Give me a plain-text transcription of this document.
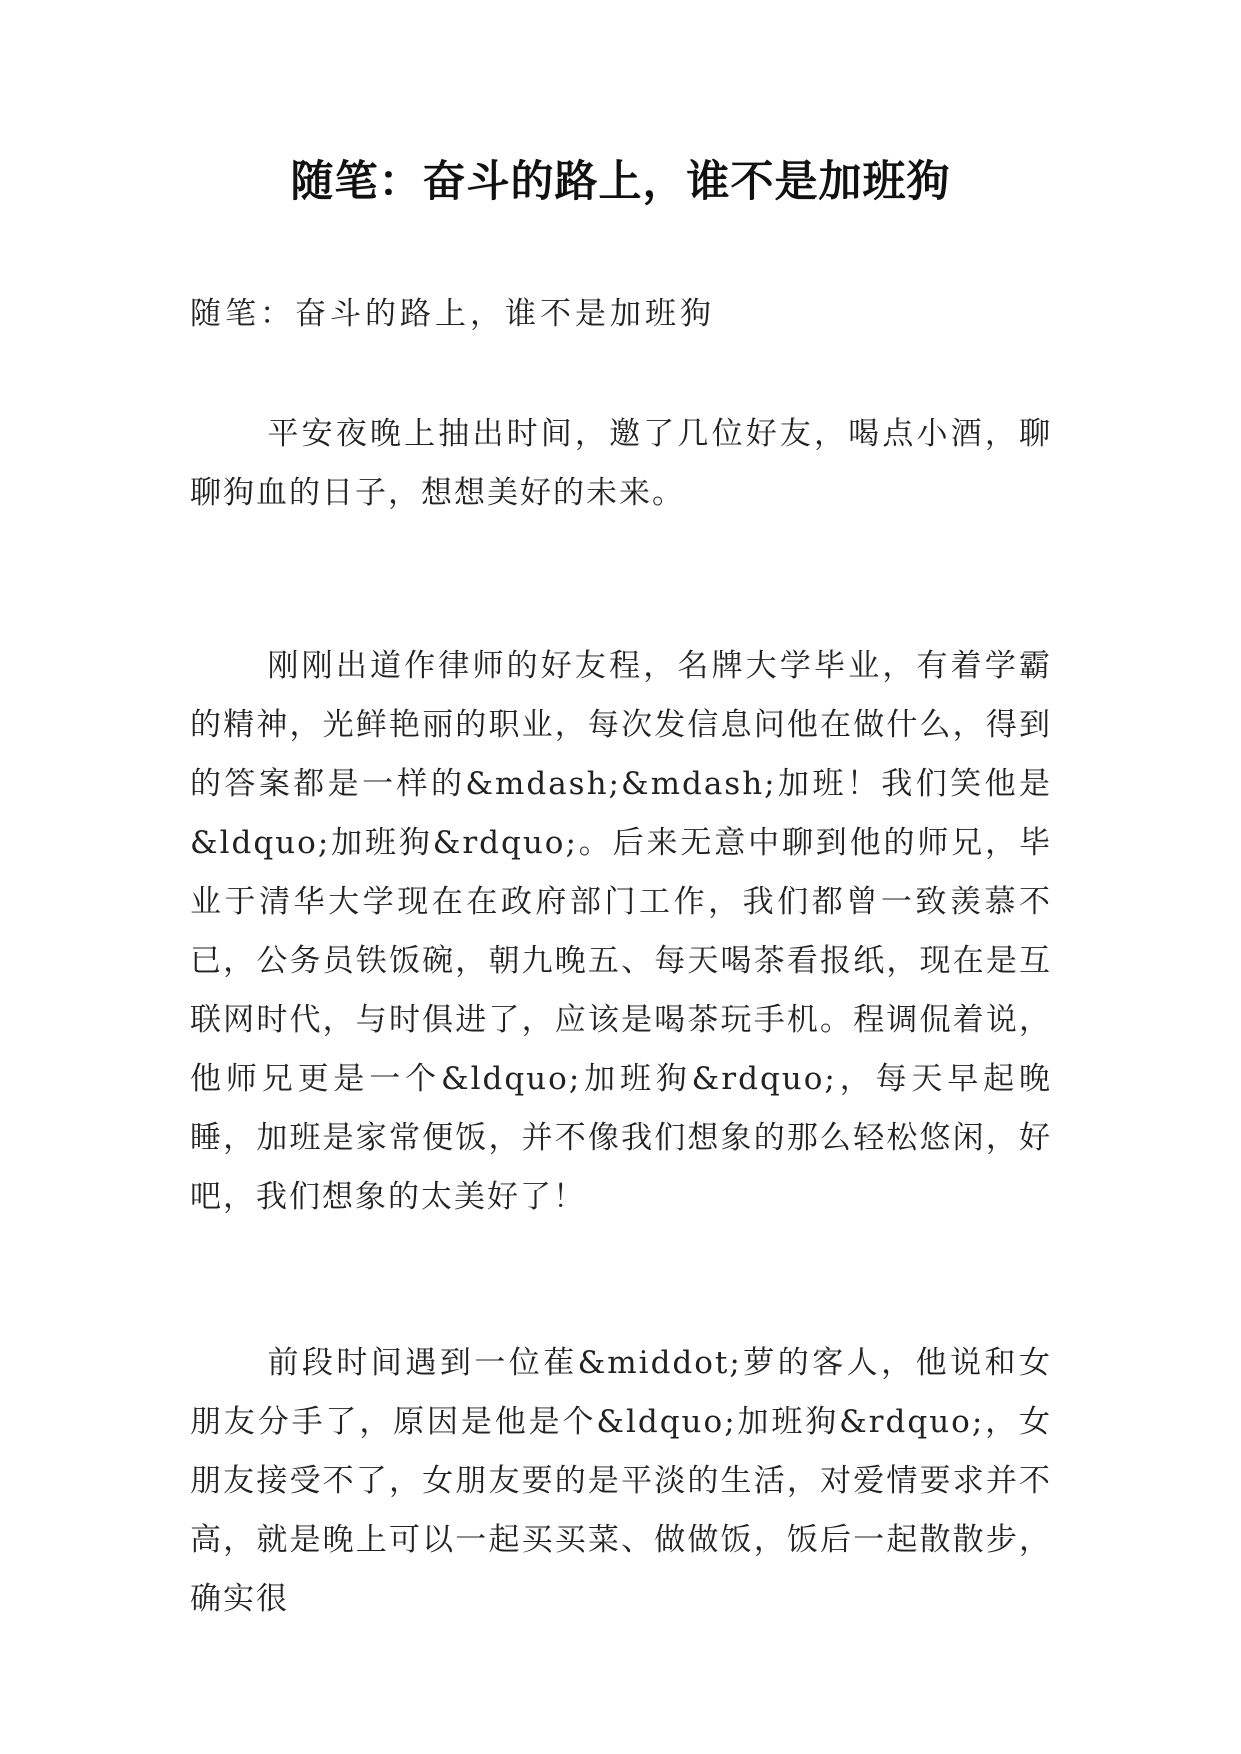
随笔：奋斗的路上，谁不是加班狗
随笔：奋斗的路上，谁不是加班狗
平安夜晚上抽出时间，邀了几位好友，喝点小酒，聊聊狗血的日子，想想美好的未来。
刚刚出道作律师的好友程，名牌大学毕业，有着学霸的精神，光鲜艳丽的职业，每次发信息问他在做什么，得到的答案都是一样的&mdash;&mdash;加班！我们笑他是&ldquo;加班狗&rdquo;。后来无意中聊到他的师兄，毕业于清华大学现在在政府部门工作，我们都曾一致羡慕不已，公务员铁饭碗，朝九晚五、每天喝茶看报纸，现在是互联网时代，与时俱进了，应该是喝茶玩手机。程调侃着说，他师兄更是一个&ldquo;加班狗&rdquo;，每天早起晚睡，加班是家常便饭，并不像我们想象的那么轻松悠闲，好吧，我们想象的太美好了！
前段时间遇到一位萑&middot;萝的客人，他说和女朋友分手了，原因是他是个&ldquo;加班狗&rdquo;，女朋友接受不了，女朋友要的是平淡的生活，对爱情要求并不高，就是晚上可以一起买买菜、做做饭，饭后一起散散步，确实很
